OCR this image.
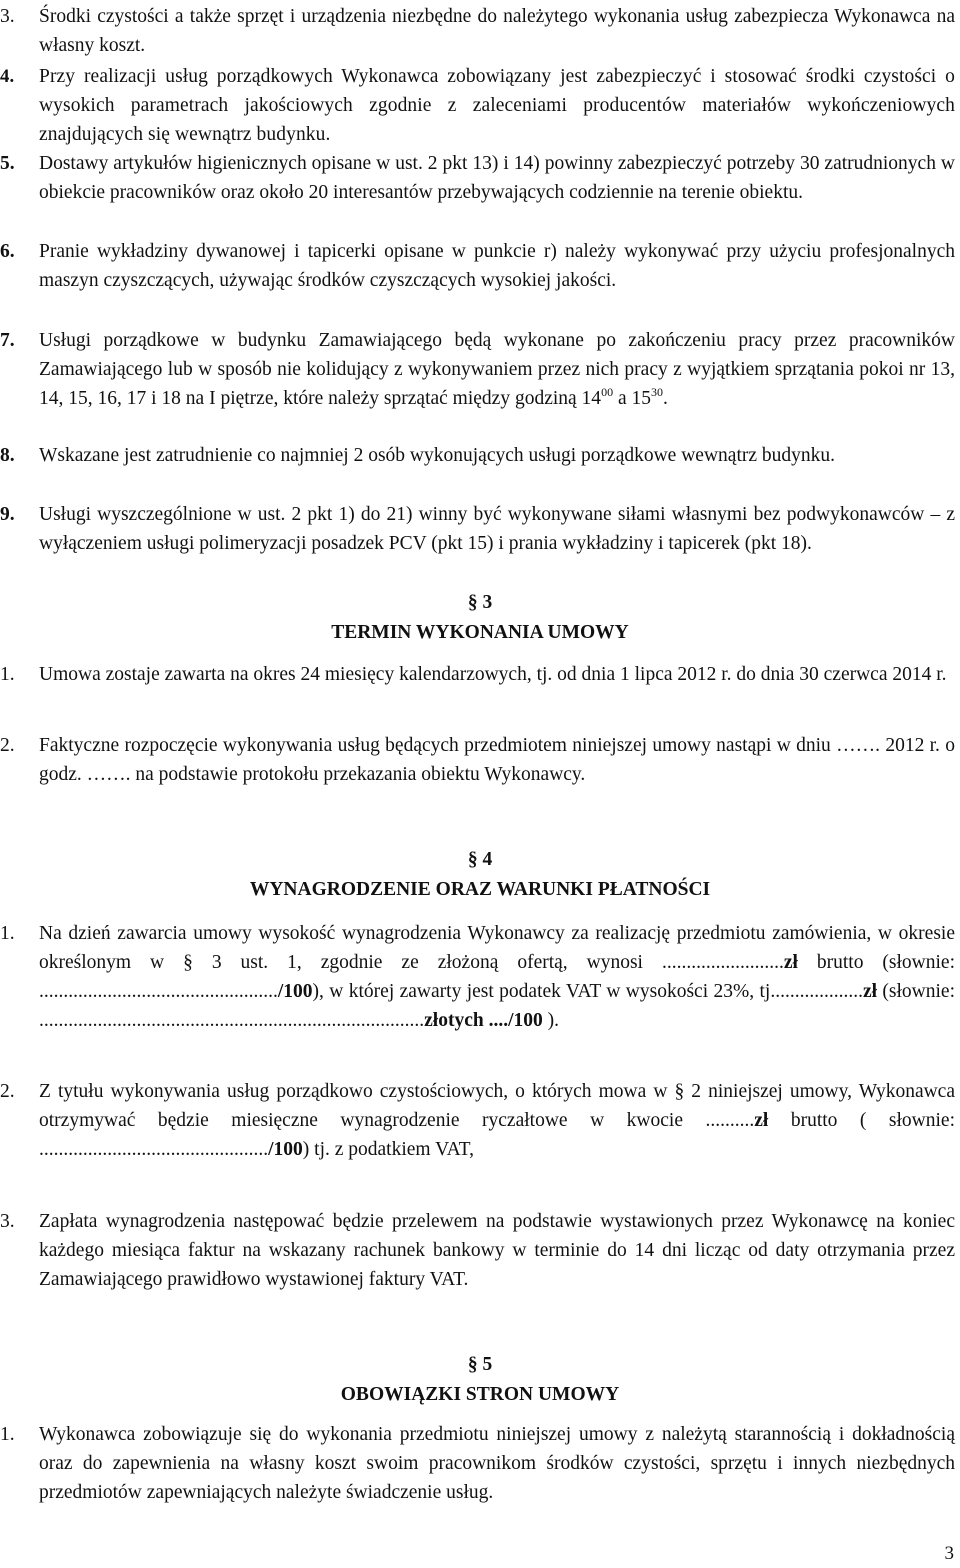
3. Środki czystości a także sprzęt i urządzenia niezbędne do należytego wykonania usług zabezpiecza Wykonawca na własny koszt.
4. Przy realizacji usług porządkowych Wykonawca zobowiązany jest zabezpieczyć i stosować środki czystości o wysokich parametrach jakościowych zgodnie z zaleceniami producentów materiałów wykończeniowych znajdujących się wewnątrz budynku.
5. Dostawy artykułów higienicznych opisane w ust. 2 pkt 13) i 14) powinny zabezpieczyć potrzeby 30 zatrudnionych w obiekcie pracowników oraz około 20 interesantów przebywających codziennie na terenie obiektu.
6. Pranie wykładziny dywanowej i tapicerki opisane w punkcie r) należy wykonywać przy użyciu profesjonalnych maszyn czyszczących, używając środków czyszczących wysokiej jakości.
7. Usługi porządkowe w budynku Zamawiającego będą wykonane po zakończeniu pracy przez pracowników Zamawiającego lub w sposób nie kolidujący z wykonywaniem przez nich pracy z wyjątkiem sprzątania pokoi nr 13, 14, 15, 16, 17 i 18 na I piętrze, które należy sprzątać między godziną $14^{00}$ a $15^{30}$.
8. Wskazane jest zatrudnienie co najmniej 2 osób wykonujących usługi porządkowe wewnątrz budynku.
9. Usługi wyszczególnione w ust. 2 pkt 1) do 21) winny być wykonywane siłami własnymi bez podwykonawców – z wyłączeniem usługi polimeryzacji posadzek PCV (pkt 15) i prania wykładziny i tapicerek (pkt 18).
§ 3
TERMIN WYKONANIA UMOWY
1. Umowa zostaje zawarta na okres 24 miesięcy kalendarzowych, tj. od dnia 1 lipca 2012 r. do dnia 30 czerwca 2014 r.
2. Faktyczne rozpoczęcie wykonywania usług będących przedmiotem niniejszej umowy nastąpi w dniu ……. 2012 r. o godz. ……. na podstawie protokołu przekazania obiektu Wykonawcy.
§ 4
WYNAGRODZENIE ORAZ WARUNKI PŁATNOŚCI
1. Na dzień zawarcia umowy wysokość wynagrodzenia Wykonawcy za realizację przedmiotu zamówienia, w okresie określonym w § 3 ust. 1, zgodnie ze złożoną ofertą, wynosi .........................zł brutto (słownie: ................................................./100), w której zawarty jest podatek VAT w wysokości 23%, tj...................zł (słownie: ...............................................................................złotych ..../100 ).
2. Z tytułu wykonywania usług porządkowo czystościowych, o których mowa w § 2 niniejszej umowy, Wykonawca otrzymywać będzie miesięczne wynagrodzenie ryczałtowe w kwocie ..........zł brutto ( słownie: .............................................../100) tj. z podatkiem VAT,
3. Zapłata wynagrodzenia następować będzie przelewem na podstawie wystawionych przez Wykonawcę na koniec każdego miesiąca faktur na wskazany rachunek bankowy w terminie do 14 dni licząc od daty otrzymania przez Zamawiającego prawidłowo wystawionej faktury VAT.
§ 5
OBOWIĄZKI STRON UMOWY
1. Wykonawca zobowiązuje się do wykonania przedmiotu niniejszej umowy z należytą starannością i dokładnością oraz do zapewnienia na własny koszt swoim pracownikom środków czystości, sprzętu i innych niezbędnych przedmiotów zapewniających należyte świadczenie usług.
3
